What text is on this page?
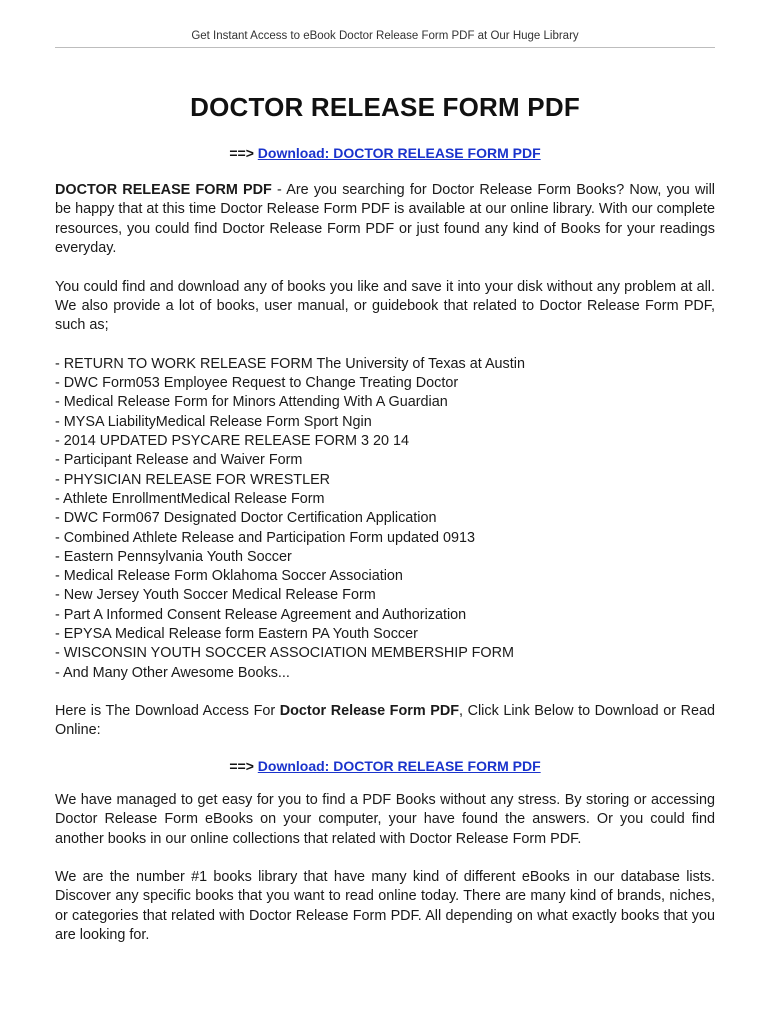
Get Instant Access to eBook Doctor Release Form PDF at Our Huge Library
DOCTOR RELEASE FORM PDF

==> Download: DOCTOR RELEASE FORM PDF

DOCTOR RELEASE FORM PDF - Are you searching for Doctor Release Form Books? Now, you will be happy that at this time Doctor Release Form PDF is available at our online library. With our complete resources, you could find Doctor Release Form PDF or just found any kind of Books for your readings everyday.

You could find and download any of books you like and save it into your disk without any problem at all. We also provide a lot of books, user manual, or guidebook that related to Doctor Release Form PDF, such as;

- RETURN TO WORK RELEASE FORM The University of Texas at Austin
- DWC Form053 Employee Request to Change Treating Doctor
- Medical Release Form for Minors Attending With A Guardian
- MYSA LiabilityMedical Release Form Sport Ngin
- 2014 UPDATED PSYCARE RELEASE FORM 3 20 14
- Participant Release and Waiver Form
- PHYSICIAN RELEASE FOR WRESTLER
- Athlete EnrollmentMedical Release Form
- DWC Form067 Designated Doctor Certification Application
- Combined Athlete Release and Participation Form updated 0913
- Eastern Pennsylvania Youth Soccer
- Medical Release Form Oklahoma Soccer Association
- New Jersey Youth Soccer Medical Release Form
- Part A Informed Consent Release Agreement and Authorization
- EPYSA Medical Release form Eastern PA Youth Soccer
- WISCONSIN YOUTH SOCCER ASSOCIATION MEMBERSHIP FORM
- And Many Other Awesome Books...

Here is The Download Access For Doctor Release Form PDF, Click Link Below to Download or Read Online:

==> Download: DOCTOR RELEASE FORM PDF

We have managed to get easy for you to find a PDF Books without any stress. By storing or accessing Doctor Release Form eBooks on your computer, your have found the answers. Or you could find another books in our online collections that related with Doctor Release Form PDF.

We are the number #1 books library that have many kind of different eBooks in our database lists. Discover any specific books that you want to read online today. There are many kind of brands, niches, or categories that related with Doctor Release Form PDF. All depending on what exactly books that you are looking for.
